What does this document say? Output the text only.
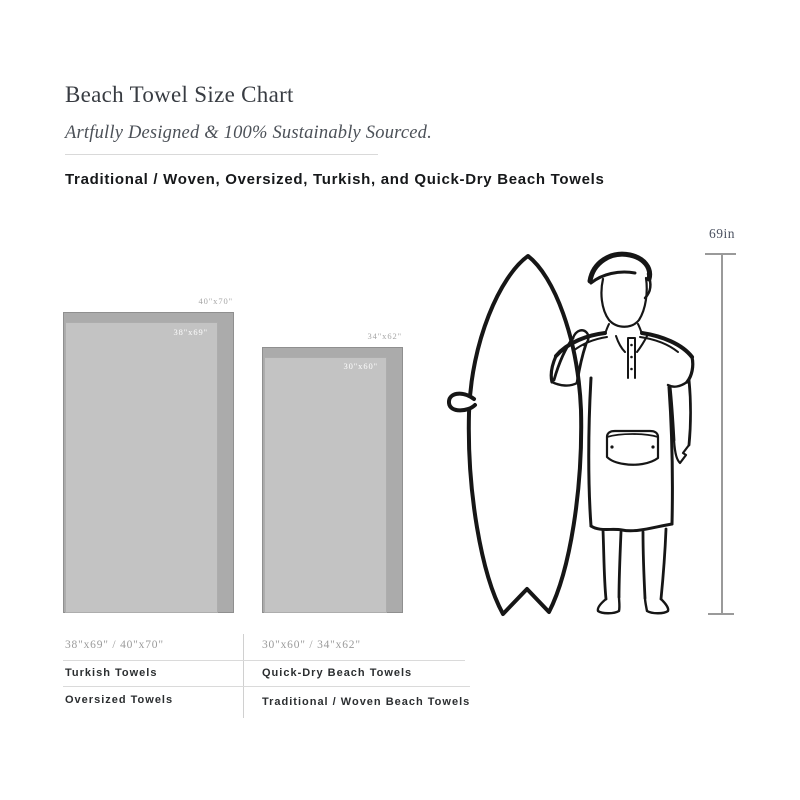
Beach Towel Size Chart
Artfully Designed & 100% Sustainably Sourced.
Traditional / Woven, Oversized, Turkish, and Quick-Dry Beach Towels
40"x70"
38"x69"	34"x62"
30"x60"
69in
38"x69" / 40"x70"	30"x60" / 34"x62"
Turkish Towels	Quick-Dry Beach Towels
Oversized Towels	Traditional / Woven Beach Towels
